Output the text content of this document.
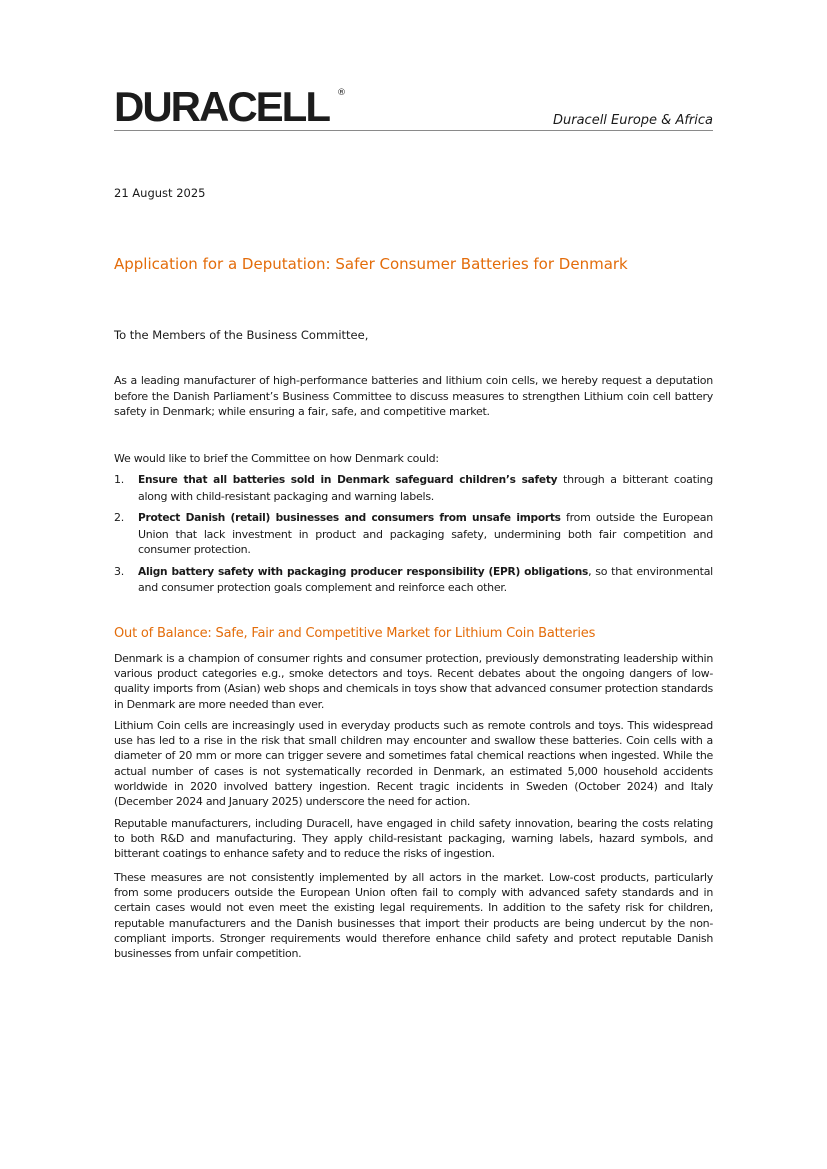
DURACELL ®
Duracell Europe & Africa
21 August 2025
Application for a Deputation: Safer Consumer Batteries for Denmark
To the Members of the Business Committee,

As a leading manufacturer of high-performance batteries and lithium coin cells, we hereby request a deputation before the Danish Parliament’s Business Committee to discuss measures to strengthen Lithium coin cell battery safety in Denmark; while ensuring a fair, safe, and competitive market.

We would like to brief the Committee on how Denmark could:

1. Ensure that all batteries sold in Denmark safeguard children’s safety through a bitterant coating along with child-resistant packaging and warning labels.
2. Protect Danish (retail) businesses and consumers from unsafe imports from outside the European Union that lack investment in product and packaging safety, undermining both fair competition and consumer protection.
3. Align battery safety with packaging producer responsibility (EPR) obligations, so that environmental and consumer protection goals complement and reinforce each other.
Out of Balance: Safe, Fair and Competitive Market for Lithium Coin Batteries

Denmark is a champion of consumer rights and consumer protection, previously demonstrating leadership within various product categories e.g., smoke detectors and toys. Recent debates about the ongoing dangers of low-quality imports from (Asian) web shops and chemicals in toys show that advanced consumer protection standards in Denmark are more needed than ever.

Lithium Coin cells are increasingly used in everyday products such as remote controls and toys. This widespread use has led to a rise in the risk that small children may encounter and swallow these batteries. Coin cells with a diameter of 20 mm or more can trigger severe and sometimes fatal chemical reactions when ingested. While the actual number of cases is not systematically recorded in Denmark, an estimated 5,000 household accidents worldwide in 2020 involved battery ingestion. Recent tragic incidents in Sweden (October 2024) and Italy (December 2024 and January 2025) underscore the need for action.

Reputable manufacturers, including Duracell, have engaged in child safety innovation, bearing the costs relating to both R&D and manufacturing. They apply child-resistant packaging, warning labels, hazard symbols, and bitterant coatings to enhance safety and to reduce the risks of ingestion.

These measures are not consistently implemented by all actors in the market. Low-cost products, particularly from some producers outside the European Union often fail to comply with advanced safety standards and in certain cases would not even meet the existing legal requirements. In addition to the safety risk for children, reputable manufacturers and the Danish businesses that import their products are being undercut by the non-compliant imports. Stronger requirements would therefore enhance child safety and protect reputable Danish businesses from unfair competition.
